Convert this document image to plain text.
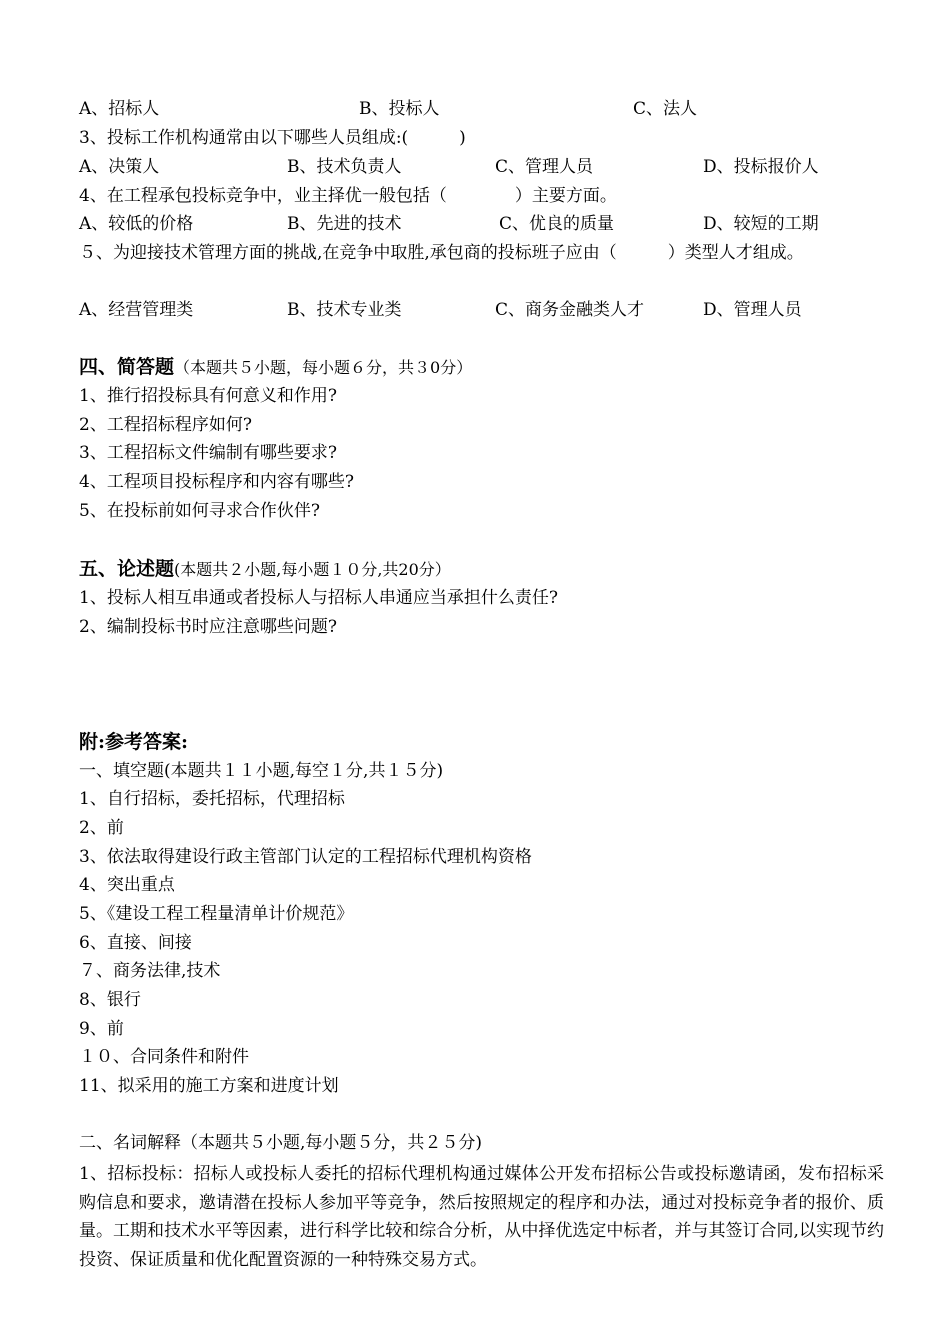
A、招标人	B、投标人	C、法人
3、投标工作机构通常由以下哪些人员组成:(　　　)
A、决策人	B、技术负责人	C、管理人员	D、投标报价人
4、在工程承包投标竞争中，业主择优一般包括（　　　　）主要方面。
A、较低的价格	B、先进的技术	C、优良的质量	D、较短的工期
５、为迎接技术管理方面的挑战,在竞争中取胜,承包商的投标班子应由（　　　）类型人才组成。
A、经营管理类	B、技术专业类	C、商务金融类人才	D、管理人员
四、简答题（本题共５小题，每小题６分，共３0分）
1、推行招投标具有何意义和作用?
2、工程招标程序如何?
3、工程招标文件编制有哪些要求?
4、工程项目投标程序和内容有哪些?
5、在投标前如何寻求合作伙伴?
五、论述题(本题共２小题,每小题１０分,共20分）
1、投标人相互串通或者投标人与招标人串通应当承担什么责任?
2、编制投标书时应注意哪些问题?
附:参考答案:
一、填空题(本题共１１小题,每空１分,共１５分)
1、自行招标，委托招标，代理招标
2、前
3、依法取得建设行政主管部门认定的工程招标代理机构资格
4、突出重点
5、《建设工程工程量清单计价规范》
6、直接、间接
７、商务法律,技术
8、银行
9、前
１０、合同条件和附件
11、拟采用的施工方案和进度计划
二、名词解释（本题共５小题,每小题５分，共２５分)
1、招标投标：招标人或投标人委托的招标代理机构通过媒体公开发布招标公告或投标邀请函，发布招标采购信息和要求，邀请潜在投标人参加平等竞争，然后按照规定的程序和办法，通过对投标竞争者的报价、质量。工期和技术水平等因素，进行科学比较和综合分析，从中择优选定中标者，并与其签订合同,以实现节约投资、保证质量和优化配置资源的一种特殊交易方式。
